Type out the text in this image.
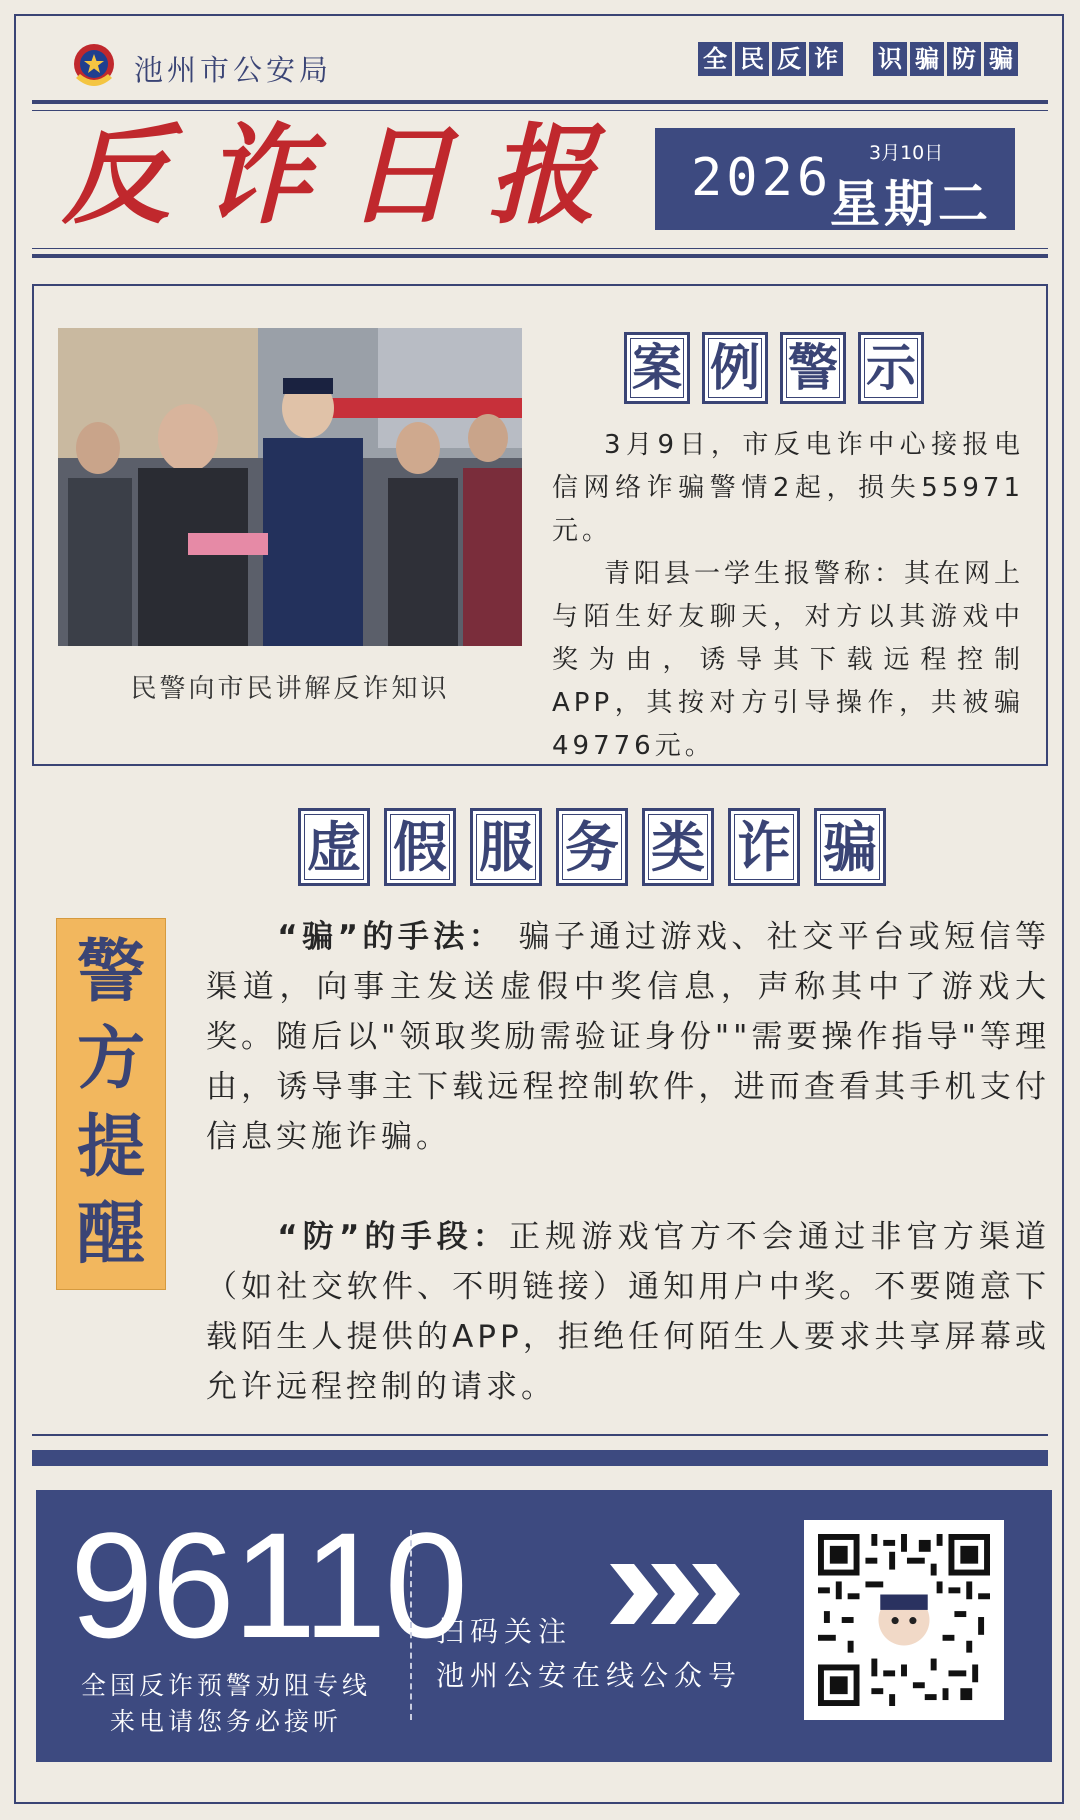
池州市公安局	全 民 反 诈 识 骗 防 骗
反 诈 日 报 2026 3月10日
星期二
民警向市民讲解反诈知识
案 例 警 示

3月9日，市反电诈中心接报电信网络诈骗警情2起，损失55971元。

青阳县一学生报警称：其在网上与陌生好友聊天，对方以其游戏中奖为由，诱导其下载远程控制APP，其按对方引导操作，共被骗49776元。

虚 假 服 务 类 诈 骗
警
方
提
醒

“骗”的手法： 骗子通过游戏、社交平台或短信等渠道，向事主发送虚假中奖信息，声称其中了游戏大奖。随后以"领取奖励需验证身份""需要操作指导"等理由，诱导事主下载远程控制软件，进而查看其手机支付信息实施诈骗。

“防”的手段：正规游戏官方不会通过非官方渠道（如社交软件、不明链接）通知用户中奖。不要随意下载陌生人提供的APP，拒绝任何陌生人要求共享屏幕或允许远程控制的请求。

96110
全国反诈预警劝阻专线
来电请您务必接听
扫码关注
池州公安在线公众号
